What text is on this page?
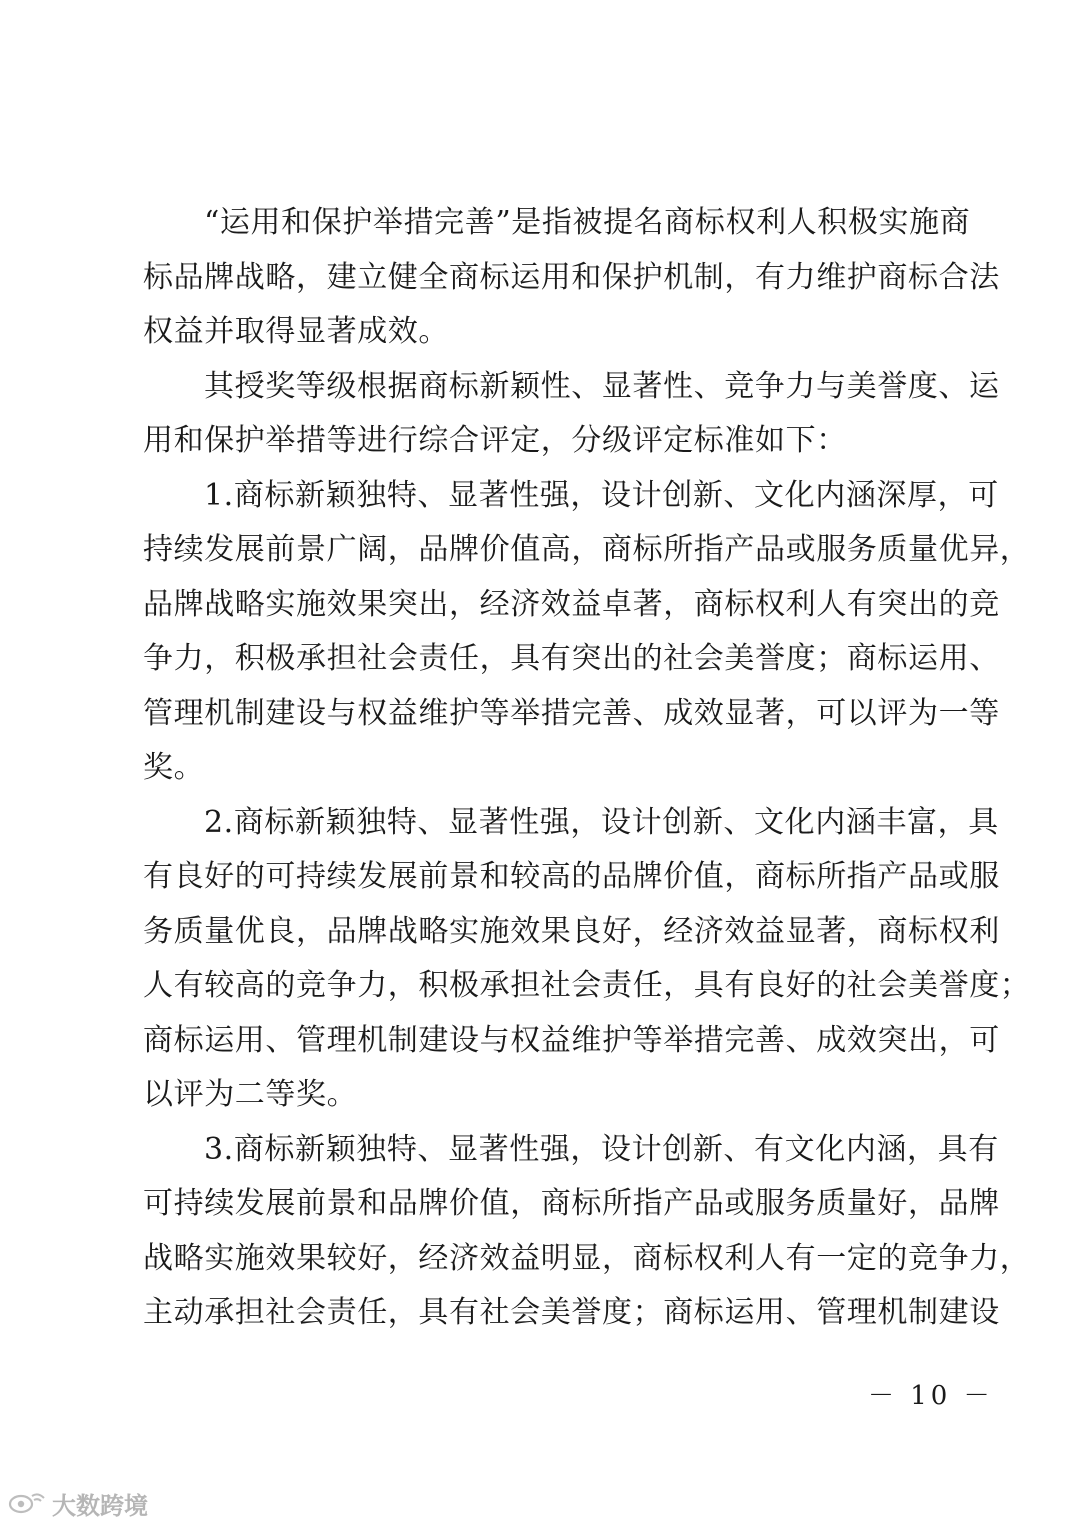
“运用和保护举措完善”是指被提名商标权利人积极实施商
标品牌战略，建立健全商标运用和保护机制，有力维护商标合法
权益并取得显著成效。
其授奖等级根据商标新颖性、显著性、竞争力与美誉度、运
用和保护举措等进行综合评定，分级评定标准如下：
1.商标新颖独特、显著性强，设计创新、文化内涵深厚，可
持续发展前景广阔，品牌价值高，商标所指产品或服务质量优异，
品牌战略实施效果突出，经济效益卓著，商标权利人有突出的竞
争力，积极承担社会责任，具有突出的社会美誉度；商标运用、
管理机制建设与权益维护等举措完善、成效显著，可以评为一等
奖。
2.商标新颖独特、显著性强，设计创新、文化内涵丰富，具
有良好的可持续发展前景和较高的品牌价值，商标所指产品或服
务质量优良，品牌战略实施效果良好，经济效益显著，商标权利
人有较高的竞争力，积极承担社会责任，具有良好的社会美誉度；
商标运用、管理机制建设与权益维护等举措完善、成效突出，可
以评为二等奖。
3.商标新颖独特、显著性强，设计创新、有文化内涵，具有
可持续发展前景和品牌价值，商标所指产品或服务质量好，品牌
战略实施效果较好，经济效益明显，商标权利人有一定的竞争力，
主动承担社会责任，具有社会美誉度；商标运用、管理机制建设
－ 10 －
大数跨境
